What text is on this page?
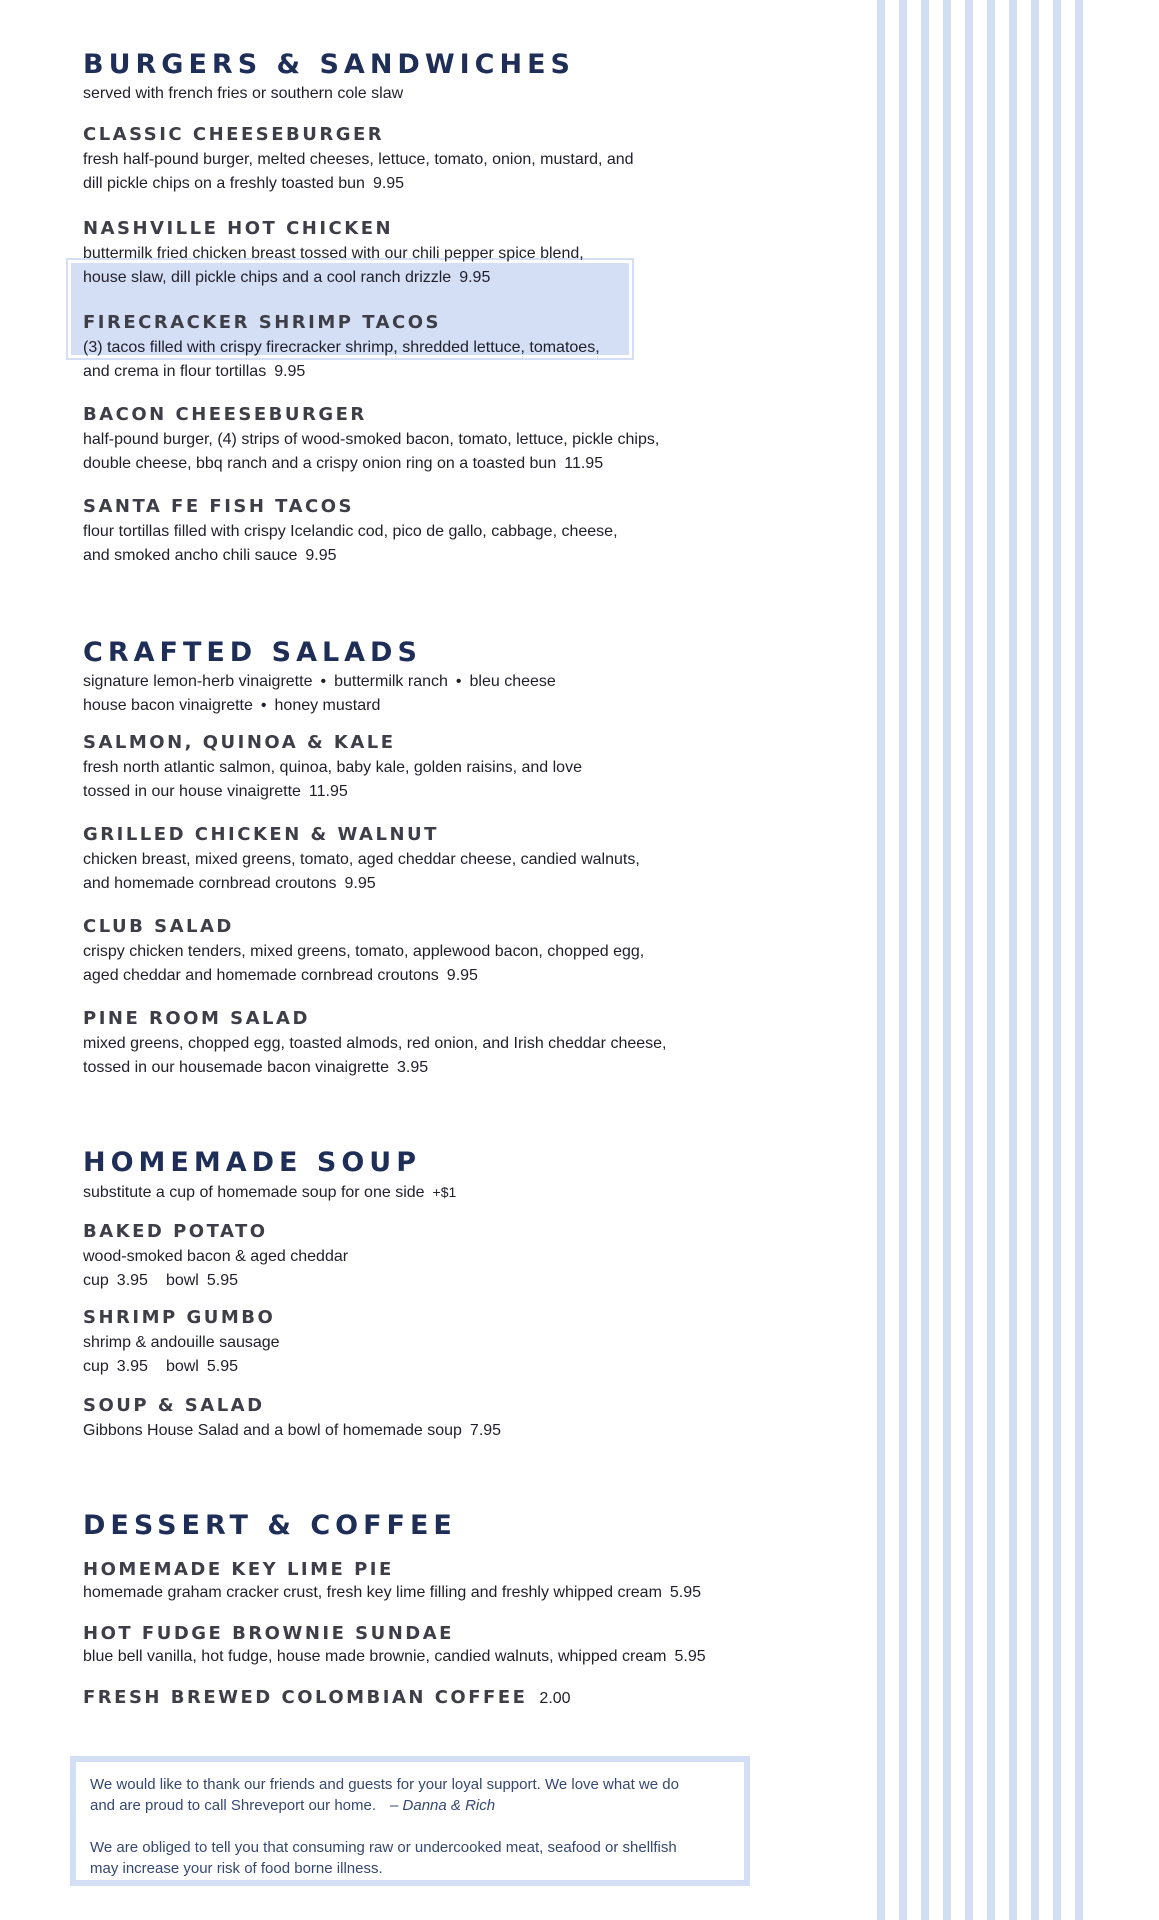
BURGERS & SANDWICHES

served with french fries or southern cole slaw

CLASSIC CHEESEBURGER

fresh half-pound burger, melted cheeses, lettuce, tomato, onion, mustard, and

dill pickle chips on a freshly toasted bun 9.95

NASHVILLE HOT CHICKEN

buttermilk fried chicken breast tossed with our chili pepper spice blend,

house slaw, dill pickle chips and a cool ranch drizzle 9.95

FIRECRACKER SHRIMP TACOS

(3) tacos filled with crispy firecracker shrimp, shredded lettuce, tomatoes,

and crema in flour tortillas 9.95

BACON CHEESEBURGER

half-pound burger, (4) strips of wood-smoked bacon, tomato, lettuce, pickle chips,

double cheese, bbq ranch and a crispy onion ring on a toasted bun 11.95

SANTA FE FISH TACOS

flour tortillas filled with crispy Icelandic cod, pico de gallo, cabbage, cheese,

and smoked ancho chili sauce 9.95

CRAFTED SALADS

signature lemon-herb vinaigrette • buttermilk ranch • bleu cheese

house bacon vinaigrette • honey mustard

SALMON, QUINOA & KALE

fresh north atlantic salmon, quinoa, baby kale, golden raisins, and love

tossed in our house vinaigrette 11.95

GRILLED CHICKEN & WALNUT

chicken breast, mixed greens, tomato, aged cheddar cheese, candied walnuts,

and homemade cornbread croutons 9.95

CLUB SALAD

crispy chicken tenders, mixed greens, tomato, applewood bacon, chopped egg,

aged cheddar and homemade cornbread croutons 9.95

PINE ROOM SALAD

mixed greens, chopped egg, toasted almods, red onion, and Irish cheddar cheese,

tossed in our housemade bacon vinaigrette 3.95

HOMEMADE SOUP

substitute a cup of homemade soup for one side +$1

BAKED POTATO

wood-smoked bacon & aged cheddar

cup 3.95 bowl 5.95

SHRIMP GUMBO

shrimp & andouille sausage

cup 3.95 bowl 5.95

SOUP & SALAD

Gibbons House Salad and a bowl of homemade soup 7.95

DESSERT & COFFEE

HOMEMADE KEY LIME PIE

homemade graham cracker crust, fresh key lime filling and freshly whipped cream 5.95

HOT FUDGE BROWNIE SUNDAE

blue bell vanilla, hot fudge, house made brownie, candied walnuts, whipped cream 5.95

FRESH BREWED COLOMBIAN COFFEE 2.00

We would like to thank our friends and guests for your loyal support. We love what we do

and are proud to call Shreveport our home. – Danna & Rich

We are obliged to tell you that consuming raw or undercooked meat, seafood or shellfish

may increase your risk of food borne illness.
